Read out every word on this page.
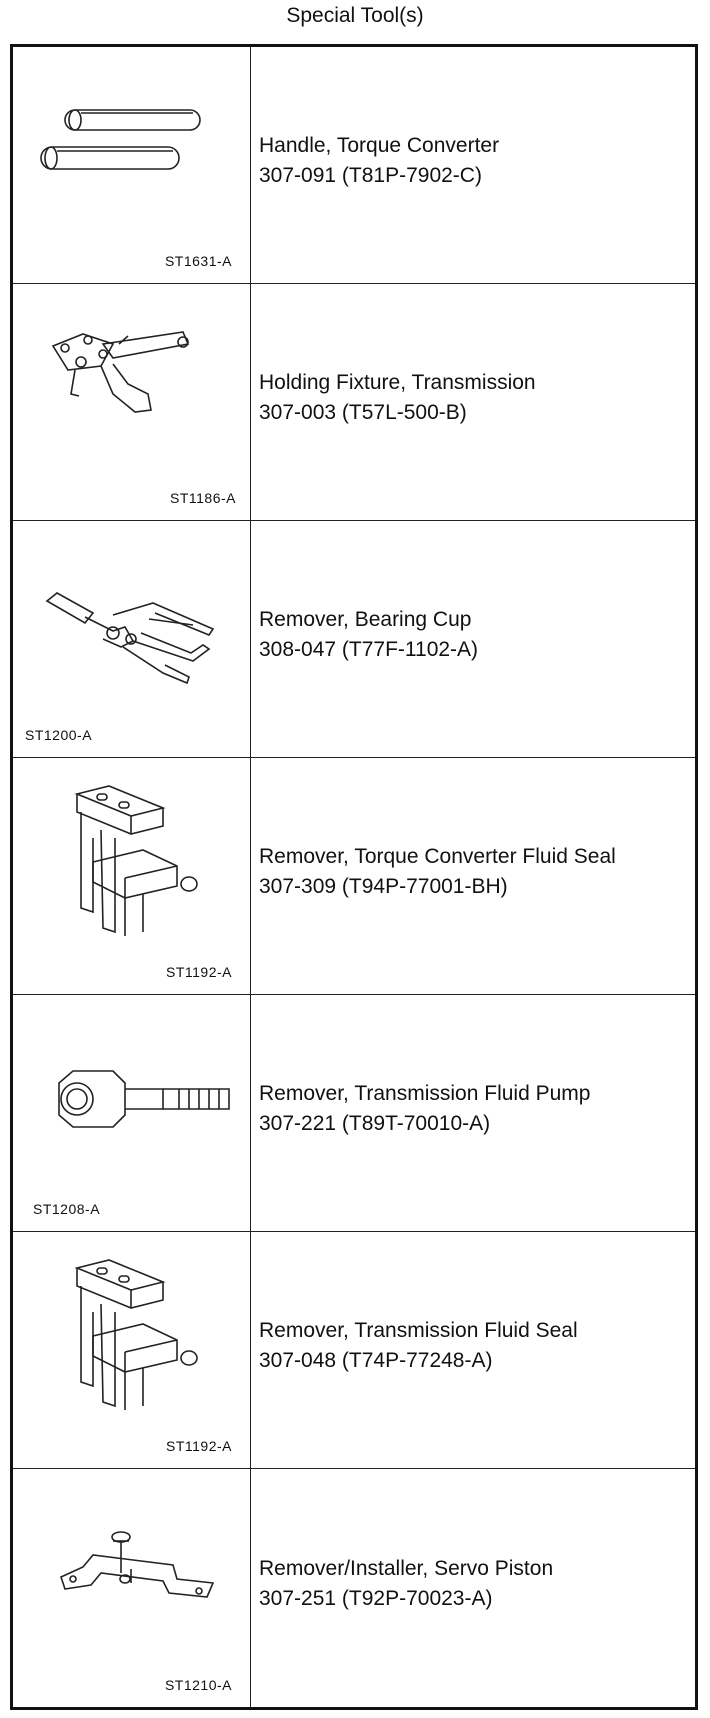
Special Tool(s)
ST1631-A
Handle, Torque Converter
307-091 (T81P-7902-C)
ST1186-A
Holding Fixture, Transmission
307-003 (T57L-500-B)
ST1200-A
Remover, Bearing Cup
308-047 (T77F-1102-A)
ST1192-A
Remover, Torque Converter Fluid Seal
307-309 (T94P-77001-BH)
ST1208-A
Remover, Transmission Fluid Pump
307-221 (T89T-70010-A)
ST1192-A
Remover, Transmission Fluid Seal
307-048 (T74P-77248-A)
ST1210-A
Remover/Installer, Servo Piston
307-251 (T92P-70023-A)
